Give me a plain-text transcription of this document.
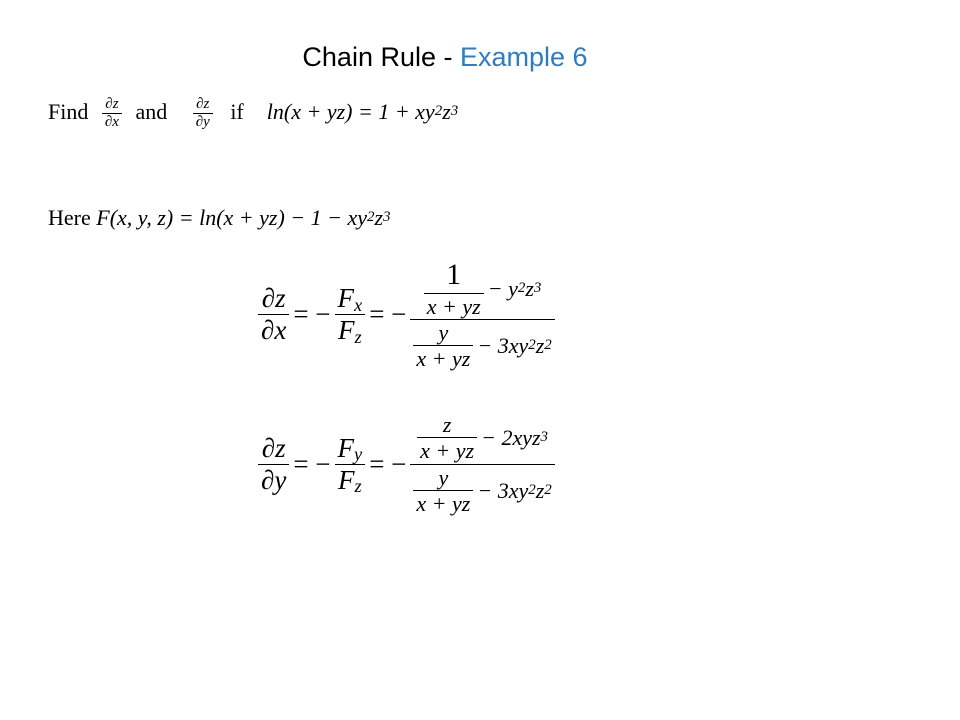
Chain Rule - Example 6
Find $\frac{\partial z}{\partial x}$ and $\frac{\partial z}{\partial y}$ if $\ln(x + yz) = 1 + xy^2z^3$
Here F(x, y, $z) = \ln(x + yz) - 1 - xy^2z^3$
$\frac{\partial z}{\partial x}$ = − $\frac{F_x}{F_z}$ = − $\frac{\frac{1}{x + yz} - y^2z^3}{\frac{y}{x + yz} - 3xy^2z^2}$
$\frac{\partial z}{\partial y}$ = − $\frac{F_y}{F_z}$ = − $\frac{\frac{z}{x + yz} - 2xyz^3}{\frac{y}{x + yz} - 3xy^2z^2}$
